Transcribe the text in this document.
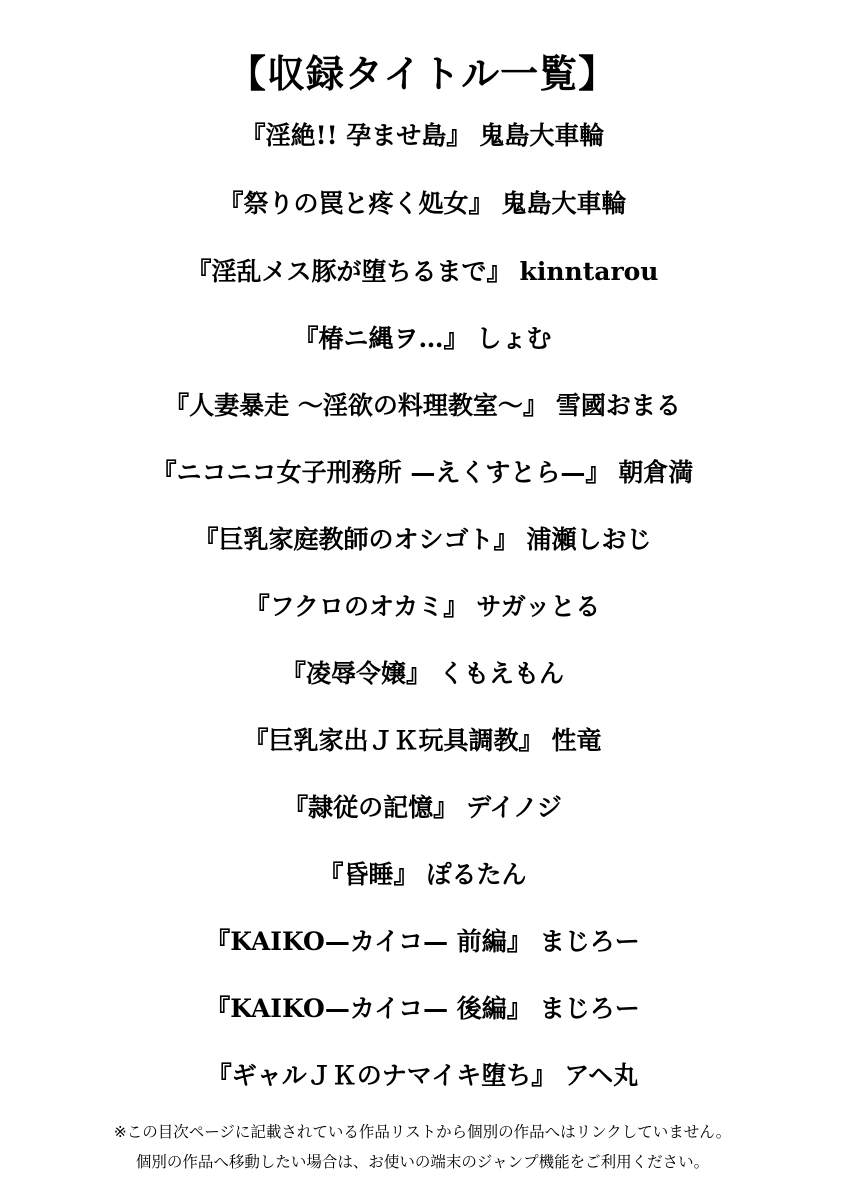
【収録タイトル一覧】
『淫絶!! 孕ませ島』 鬼島大車輪
『祭りの罠と疼く処女』 鬼島大車輪
『淫乱メス豚が堕ちるまで』 kinntarou
『椿ニ縄ヲ…』 しょむ
『人妻暴走 〜淫欲の料理教室〜』 雪國おまる
『ニコニコ女子刑務所 —えくすとら—』 朝倉満
『巨乳家庭教師のオシゴト』 浦瀬しおじ
『フクロのオカミ』 サガッとる
『凌辱令嬢』 くもえもん
『巨乳家出ＪＫ玩具調教』 性竜
『隷従の記憶』 デイノジ
『昏睡』 ぽるたん
『KAIKO—カイコ— 前編』 まじろー
『KAIKO—カイコ— 後編』 まじろー
『ギャルＪＫのナマイキ堕ち』 アヘ丸
※この目次ページに記載されている作品リストから個別の作品へはリンクしていません。
個別の作品へ移動したい場合は、お使いの端末のジャンプ機能をご利用ください。
